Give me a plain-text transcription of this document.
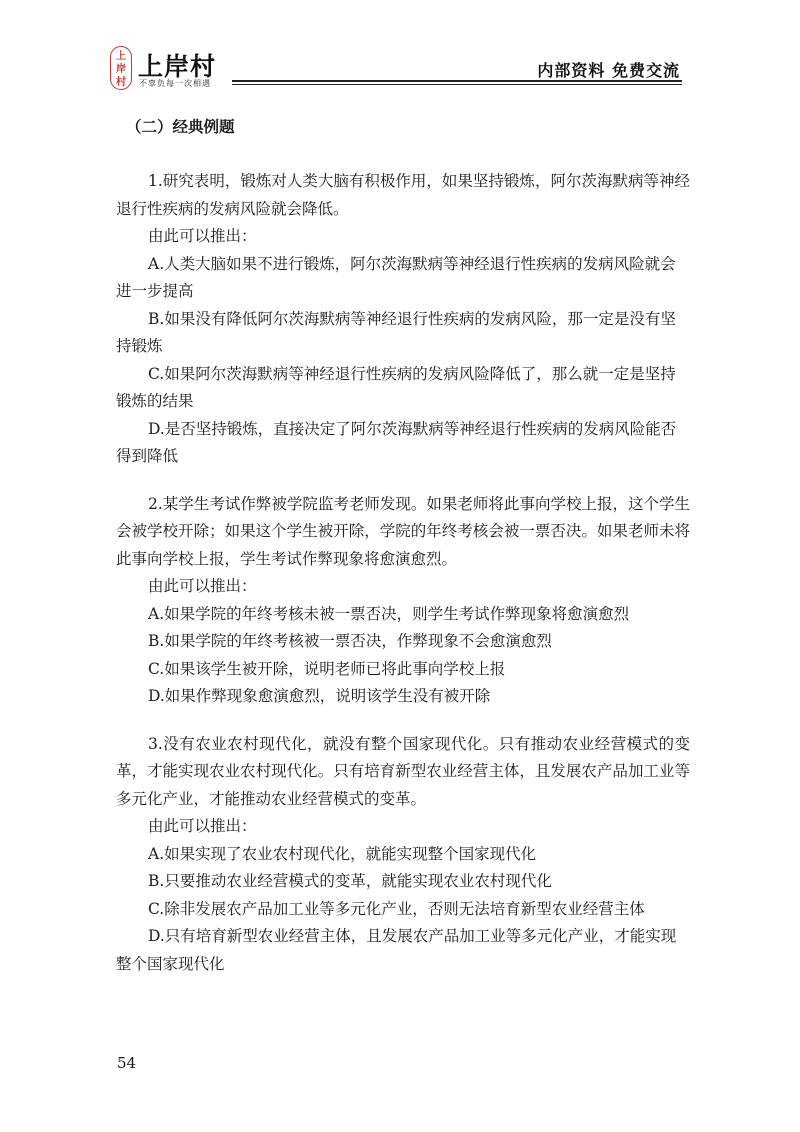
上
岸
村
上岸村
不辜负每一次相遇
内部资料 免费交流
（二）经典例题

1.研究表明，锻炼对人类大脑有积极作用，如果坚持锻炼，阿尔茨海默病等神经退行性疾病的发病风险就会降低。

由此可以推出：

A.人类大脑如果不进行锻炼，阿尔茨海默病等神经退行性疾病的发病风险就会进一步提高

B.如果没有降低阿尔茨海默病等神经退行性疾病的发病风险，那一定是没有坚持锻炼

C.如果阿尔茨海默病等神经退行性疾病的发病风险降低了，那么就一定是坚持锻炼的结果

D.是否坚持锻炼，直接决定了阿尔茨海默病等神经退行性疾病的发病风险能否得到降低

2.某学生考试作弊被学院监考老师发现。如果老师将此事向学校上报，这个学生会被学校开除；如果这个学生被开除，学院的年终考核会被一票否决。如果老师未将此事向学校上报，学生考试作弊现象将愈演愈烈。

由此可以推出：

A.如果学院的年终考核未被一票否决，则学生考试作弊现象将愈演愈烈

B.如果学院的年终考核被一票否决，作弊现象不会愈演愈烈

C.如果该学生被开除，说明老师已将此事向学校上报

D.如果作弊现象愈演愈烈，说明该学生没有被开除

3.没有农业农村现代化，就没有整个国家现代化。只有推动农业经营模式的变革，才能实现农业农村现代化。只有培育新型农业经营主体，且发展农产品加工业等多元化产业，才能推动农业经营模式的变革。

由此可以推出：

A.如果实现了农业农村现代化，就能实现整个国家现代化

B.只要推动农业经营模式的变革，就能实现农业农村现代化

C.除非发展农产品加工业等多元化产业，否则无法培育新型农业经营主体

D.只有培育新型农业经营主体，且发展农产品加工业等多元化产业，才能实现整个国家现代化

54
